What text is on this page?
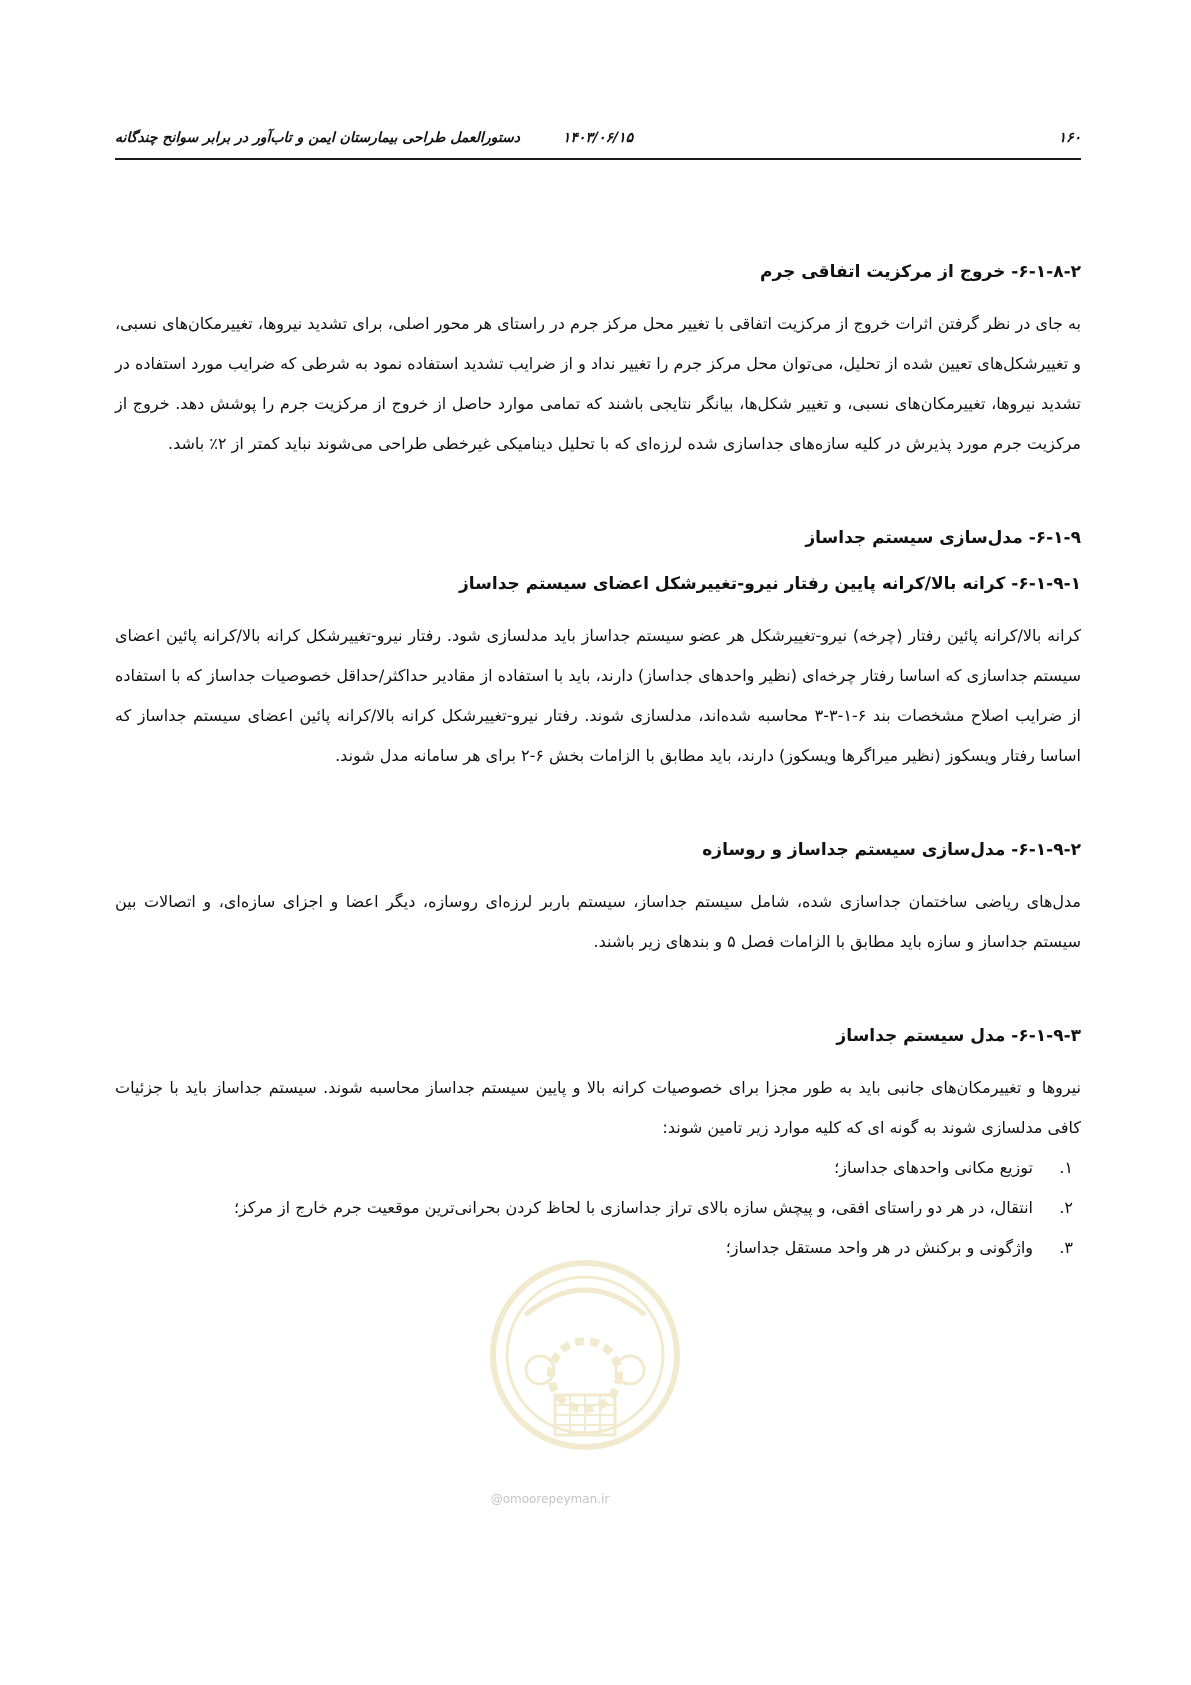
۱۶۰
۱۴۰۳/۰۶/۱۵
دستورالعمل طراحی بیمارستان ایمن و تاب‌آور در برابر سوانح چندگانه
۶-۱-۸-۲- خروج از مرکزیت اتفاقی جرم

به جای در نظر گرفتن اثرات خروج از مرکزیت اتفاقی با تغییر محل مرکز جرم در راستای هر محور اصلی، برای تشدید نیروها، تغییرمکان‌های نسبی، و تغییرشکل‌های تعیین شده از تحلیل، می‌توان محل مرکز جرم را تغییر نداد و از ضرایب تشدید استفاده نمود به شرطی که ضرایب مورد استفاده در تشدید نیروها، تغییرمکان‌های نسبی، و تغییر شکل‌ها، بیانگر نتایجی باشند که تمامی موارد حاصل از خروج از مرکزیت جرم را پوشش دهد. خروج از مرکزیت جرم مورد پذیرش در کلیه سازه‌های جداسازی شده لرزه‌ای که با تحلیل دینامیکی غیرخطی طراحی می‌شوند نباید کمتر از ۲٪ باشد.

۶-۱-۹- مدل‌سازی سیستم جداساز
۶-۱-۹-۱- کرانه بالا/کرانه پایین رفتار نیرو-تغییرشکل اعضای سیستم جداساز

کرانه بالا/کرانه پائین رفتار (چرخه) نیرو-تغییرشکل هر عضو سیستم جداساز باید مدلسازی شود. رفتار نیرو-تغییرشکل کرانه بالا/کرانه پائین اعضای سیستم جداسازی که اساسا رفتار چرخه‌ای (نظیر واحدهای جداساز) دارند، باید با استفاده از مقادیر حداکثر/حداقل خصوصیات جداساز که با استفاده از ضرایب اصلاح مشخصات بند ۶-۱-۳-۳ محاسبه شده‌اند، مدلسازی شوند. رفتار نیرو-تغییرشکل کرانه بالا/کرانه پائین اعضای سیستم جداساز که اساسا رفتار ویسکوز (نظیر میراگرها ویسکوز) دارند، باید مطابق با الزامات بخش ۶-۲ برای هر سامانه مدل شوند.

۶-۱-۹-۲- مدل‌سازی سیستم جداساز و روسازه

مدل‌های ریاضی ساختمان جداسازی شده، شامل سیستم جداساز، سیستم باربر لرزه‌ای روسازه، دیگر اعضا و اجزای سازه‌ای، و اتصالات بین سیستم جداساز و سازه باید مطابق با الزامات فصل ۵ و بندهای زیر باشند.

۶-۱-۹-۳- مدل سیستم جداساز

نیروها و تغییرمکان‌های جانبی باید به طور مجزا برای خصوصیات کرانه بالا و پایین سیستم جداساز محاسبه شوند. سیستم جداساز باید با جزئیات کافی مدلسازی شوند به گونه ای که کلیه موارد زیر تامین شوند:

۱.
توزیع مکانی واحدهای جداساز؛
۲.
انتقال، در هر دو راستای افقی، و پیچش سازه بالای تراز جداسازی با لحاظ کردن بحرانی‌ترین موقعیت جرم خارج از مرکز؛
۳.
واژگونی و برکنش در هر واحد مستقل جداساز؛
@omoorepeyman.ir
